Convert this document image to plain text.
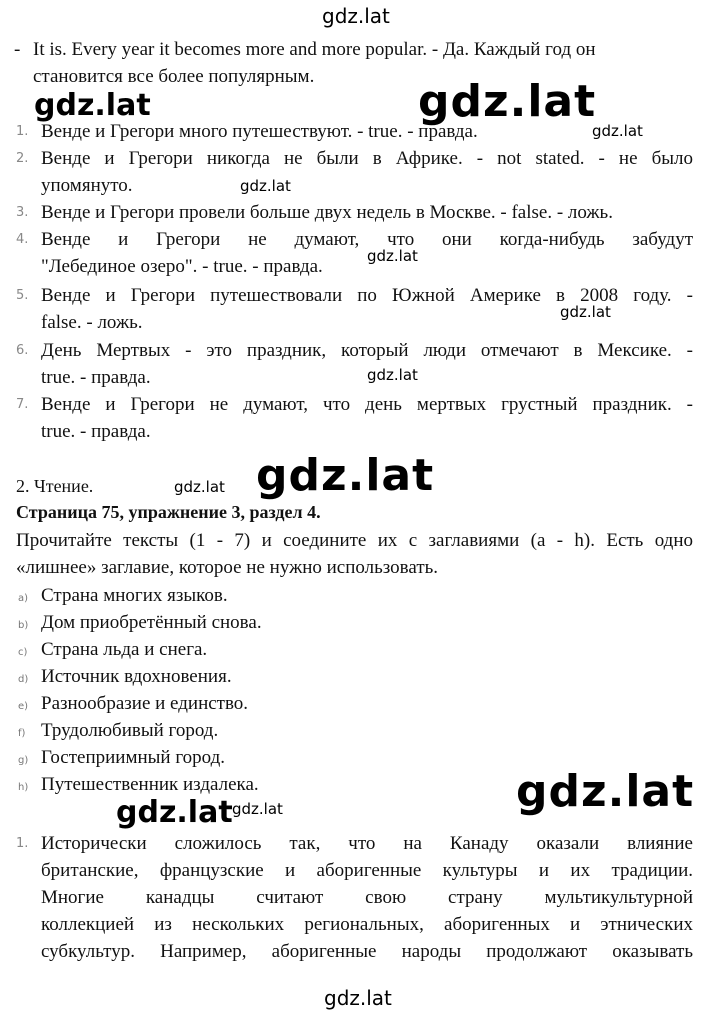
gdz.lat
- It is. Every year it becomes more and more popular. - Да. Каждый год он
становится все более популярным.
gdz.lat	gdz.lat
1. Венде и Грегори много путешествуют. - true. - правда.	gdz.lat
2. Венде и Грегори никогда не были в Африке. - not stated. - не было
упомянуто.	gdz.lat
3. Венде и Грегори провели больше двух недель в Москве. - false. - ложь.
4. Венде и Грегори не думают, что они когда-нибудь забудут
"Лебединое озеро". - true. - правда.	gdz.lat
5. Венде и Грегори путешествовали по Южной Америке в 2008 году. -
false. - ложь.	gdz.lat
6. День Мертвых - это праздник, который люди отмечают в Мексике. -
true. - правда.	gdz.lat
7. Венде и Грегори не думают, что день мертвых грустный праздник. -
true. - правда.
2. Чтение.	gdz.lat gdz.lat
Страница 75, упражнение 3, раздел 4.
Прочитайте тексты (1 - 7) и соедините их с заглавиями (a - h). Есть одно
«лишнее» заглавие, которое не нужно использовать.
a) Страна многих языков.
b) Дом приобретённый снова.
c) Страна льда и снега.
d) Источник вдохновения.
e) Разнообразие и единство.
f) Трудолюбивый город.
g) Гостеприимный город.
h) Путешественник издалека.
gdz.lat gdz.lat	gdz.lat
1. Исторически сложилось так, что на Канаду оказали влияние
британские, французские и аборигенные культуры и их традиции.
Многие канадцы считают свою страну мультикультурной
коллекцией из нескольких региональных, аборигенных и этнических
субкультур. Например, аборигенные народы продолжают оказывать
gdz.lat
